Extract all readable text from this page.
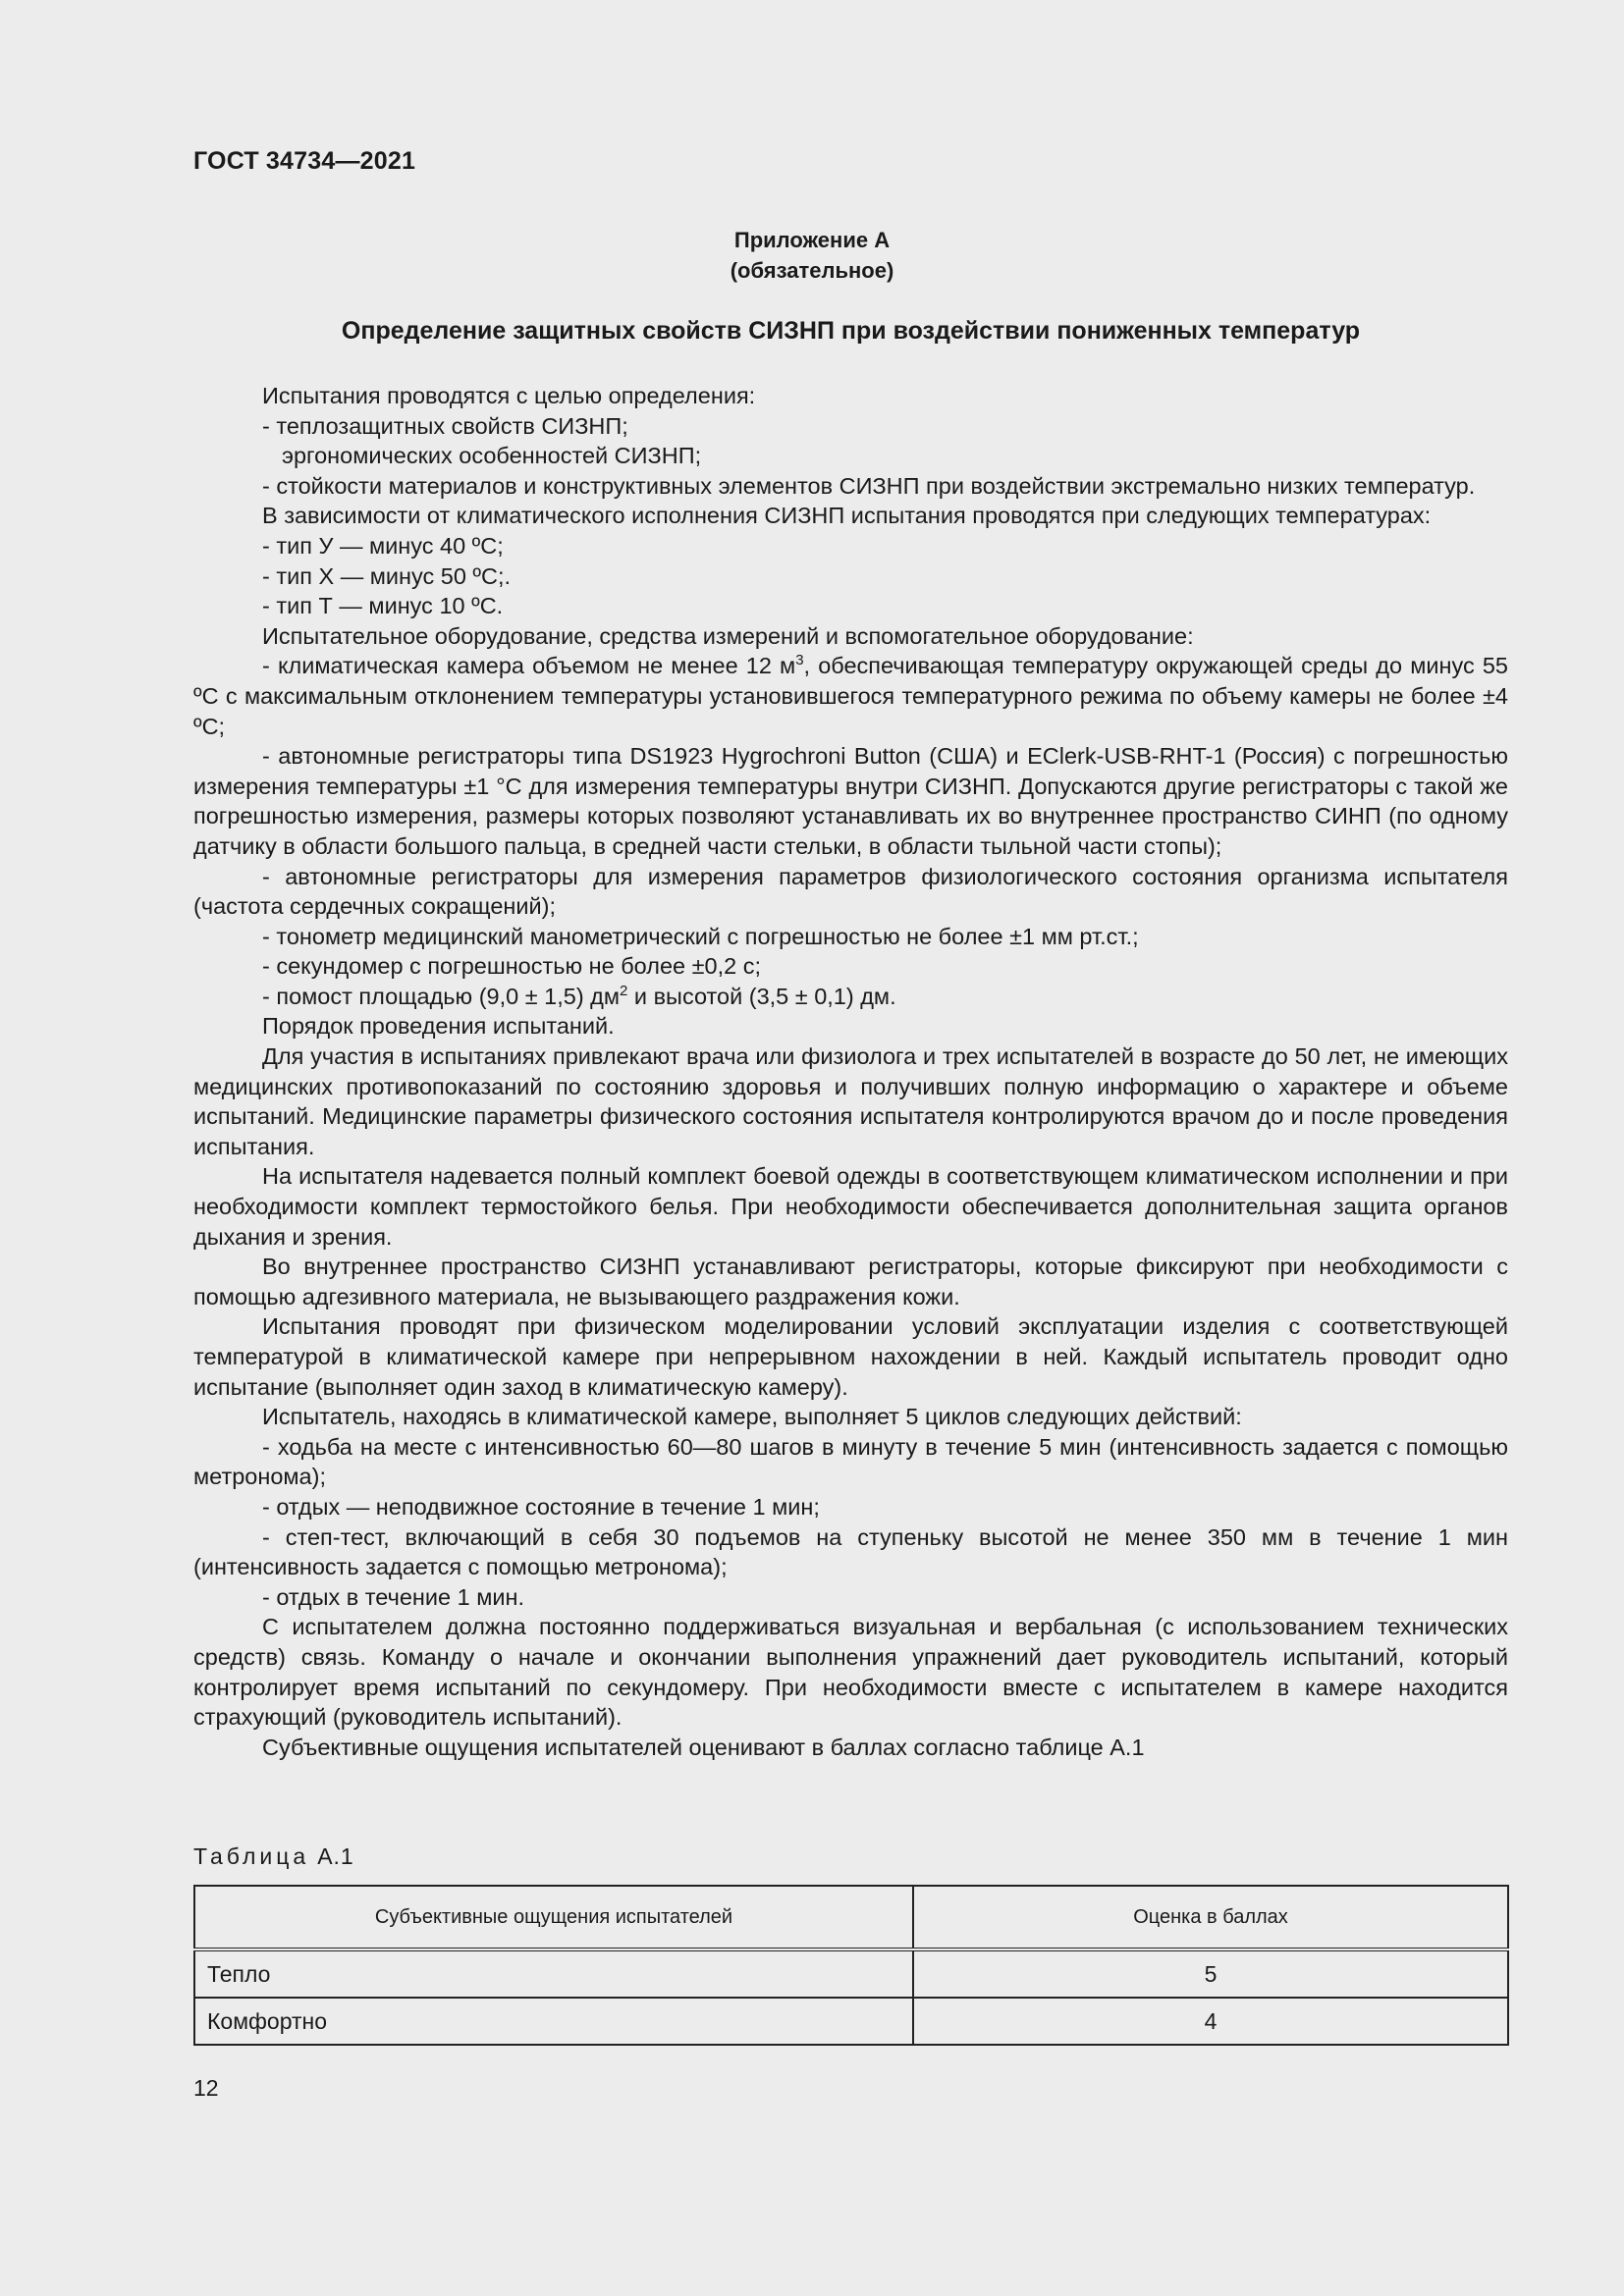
ГОСТ 34734—2021
Приложение А
(обязательное)
Определение защитных свойств СИЗНП при воздействии пониженных температур

Испытания проводятся с целью определения:

- теплозащитных свойств СИЗНП;

эргономических особенностей СИЗНП;

- стойкости материалов и конструктивных элементов СИЗНП при воздействии экстремально низких температур.

В зависимости от климатического исполнения СИЗНП испытания проводятся при следующих температурах:

- тип У — минус 40 ºС;

- тип Х — минус 50 ºС;.

- тип Т — минус 10 ºС.

Испытательное оборудование, средства измерений и вспомогательное оборудование:

- климатическая камера объемом не менее 12 $м^3$, обеспечивающая температуру окружающей среды до минус 55 ºС с максимальным отклонением температуры установившегося температурного режима по объему камеры не более ±4 ºС;

- автономные регистраторы типа DS1923 Hygrochroni Button (США) и EClerk-USB-RHT-1 (Россия) с погрешностью измерения температуры ±1 °С для измерения температуры внутри СИЗНП. Допускаются другие регистраторы с такой же погрешностью измерения, размеры которых позволяют устанавливать их во внутреннее пространство СИНП (по одному датчику в области большого пальца, в средней части стельки, в области тыльной части стопы);

- автономные регистраторы для измерения параметров физиологического состояния организма испытателя (частота сердечных сокращений);

- тонометр медицинский манометрический с погрешностью не более ±1 мм рт.ст.;

- секундомер с погрешностью не более ±0,2 с;

- помост площадью (9,0 ± 1,5) $дм^2$ и высотой (3,5 ± 0,1) дм.

Порядок проведения испытаний.

Для участия в испытаниях привлекают врача или физиолога и трех испытателей в возрасте до 50 лет, не имеющих медицинских противопоказаний по состоянию здоровья и получивших полную информацию о характере и объеме испытаний. Медицинские параметры физического состояния испытателя контролируются врачом до и после проведения испытания.

На испытателя надевается полный комплект боевой одежды в соответствующем климатическом исполнении и при необходимости комплект термостойкого белья. При необходимости обеспечивается дополнительная защита органов дыхания и зрения.

Во внутреннее пространство СИЗНП устанавливают регистраторы, которые фиксируют при необходимости с помощью адгезивного материала, не вызывающего раздражения кожи.

Испытания проводят при физическом моделировании условий эксплуатации изделия с соответствующей температурой в климатической камере при непрерывном нахождении в ней. Каждый испытатель проводит одно испытание (выполняет один заход в климатическую камеру).

Испытатель, находясь в климатической камере, выполняет 5 циклов следующих действий:

- ходьба на месте с интенсивностью 60—80 шагов в минуту в течение 5 мин (интенсивность задается с помощью метронома);

- отдых — неподвижное состояние в течение 1 мин;

- степ-тест, включающий в себя 30 подъемов на ступеньку высотой не менее 350 мм в течение 1 мин (интенсивность задается с помощью метронома);

- отдых в течение 1 мин.

С испытателем должна постоянно поддерживаться визуальная и вербальная (с использованием технических средств) связь. Команду о начале и окончании выполнения упражнений дает руководитель испытаний, который контролирует время испытаний по секундомеру. При необходимости вместе с испытателем в камере находится страхующий (руководитель испытаний).

Субъективные ощущения испытателей оценивают в баллах согласно таблице А.1

Таблица А.1
Субъективные ощущения испытателей	Оценка в баллах
Тепло	5
Комфортно	4
12
